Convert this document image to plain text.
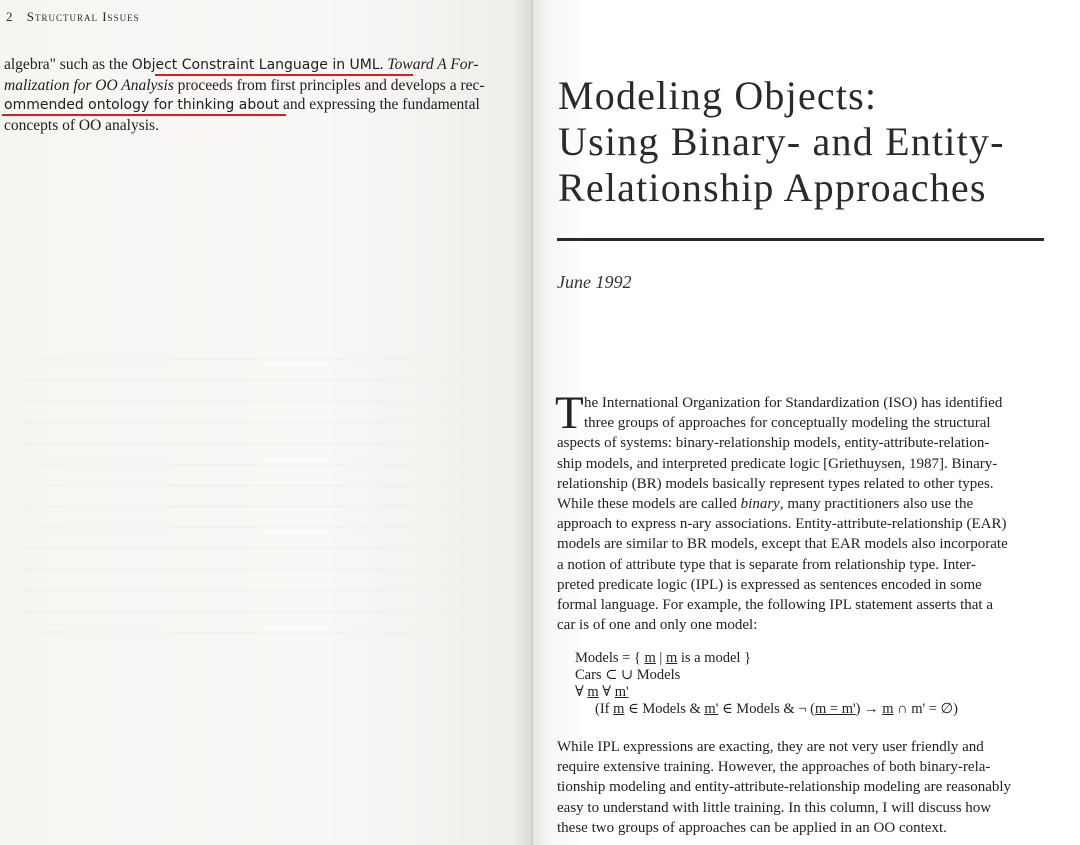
2 Structural Issues
algebra" such as the Object Constraint Language in UML. Toward A For-
malization for OO Analysis proceeds from first principles and develops a rec-
ommended ontology for thinking about and expressing the fundamental
concepts of OO analysis.
Modeling Objects:
Using Binary- and Entity-
Relationship Approaches
June 1992
T he International Organization for Standardization (ISO) has identified
three groups of approaches for conceptually modeling the structural
aspects of systems: binary-relationship models, entity-attribute-relation-
ship models, and interpreted predicate logic [Griethuysen, 1987]. Binary-
relationship (BR) models basically represent types related to other types.
While these models are called binary, many practitioners also use the
approach to express n-ary associations. Entity-attribute-relationship (EAR)
models are similar to BR models, except that EAR models also incorporate
a notion of attribute type that is separate from relationship type. Inter-
preted predicate logic (IPL) is expressed as sentences encoded in some
formal language. For example, the following IPL statement asserts that a
car is of one and only one model:
Models = { m | m is a model }
Cars ⊂ ∪ Models
∀ m ∀ m'
(If m ∈ Models & m' ∈ Models & ¬ (m = m') → m ∩ m' = ∅)
While IPL expressions are exacting, they are not very user friendly and
require extensive training. However, the approaches of both binary-rela-
tionship modeling and entity-attribute-relationship modeling are reasonably
easy to understand with little training. In this column, I will discuss how
these two groups of approaches can be applied in an OO context.
